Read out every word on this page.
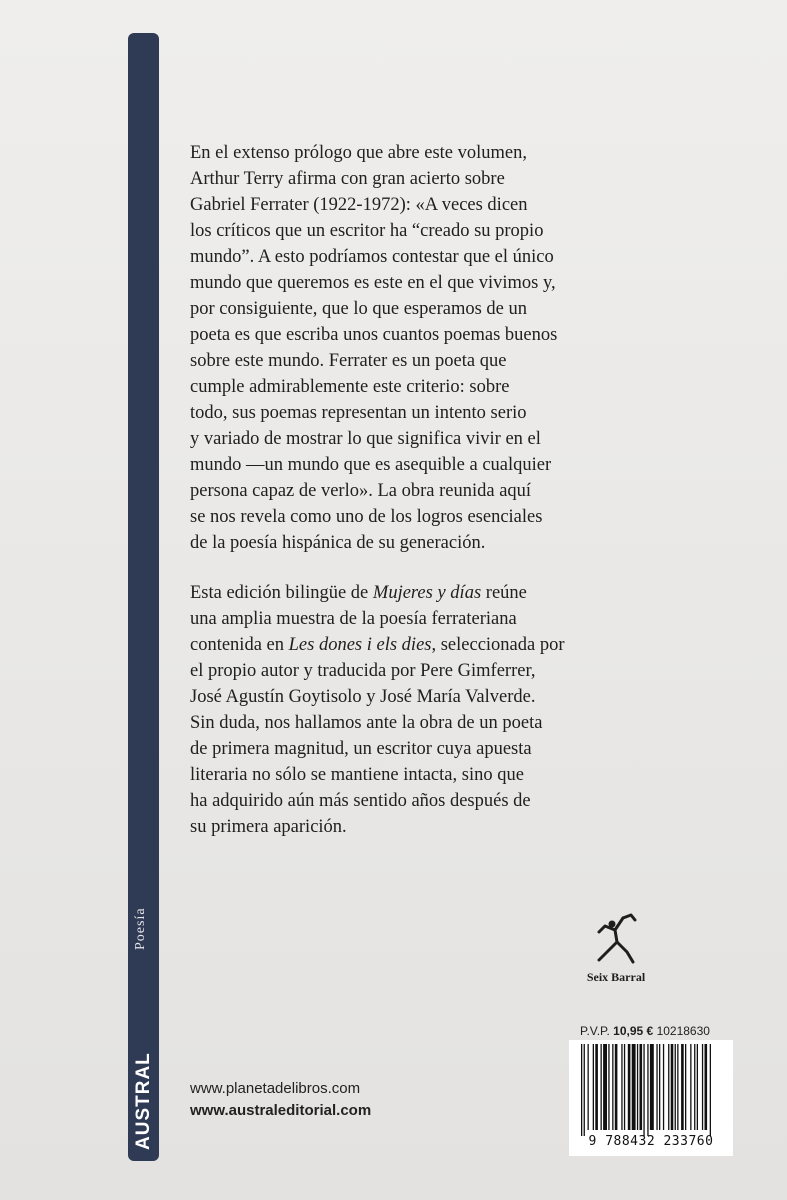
Poesía
AUSTRAL
En el extenso prólogo que abre este volumen,
Arthur Terry afirma con gran acierto sobre
Gabriel Ferrater (1922-1972): «A veces dicen
los críticos que un escritor ha “creado su propio
mundo”. A esto podríamos contestar que el único
mundo que queremos es este en el que vivimos y,
por consiguiente, que lo que esperamos de un
poeta es que escriba unos cuantos poemas buenos
sobre este mundo. Ferrater es un poeta que
cumple admirablemente este criterio: sobre
todo, sus poemas representan un intento serio
y variado de mostrar lo que significa vivir en el
mundo —un mundo que es asequible a cualquier
persona capaz de verlo». La obra reunida aquí
se nos revela como uno de los logros esenciales
de la poesía hispánica de su generación.
Esta edición bilingüe de Mujeres y días reúne
una amplia muestra de la poesía ferrateriana
contenida en Les dones i els dies, seleccionada por
el propio autor y traducida por Pere Gimferrer,
José Agustín Goytisolo y José María Valverde.
Sin duda, nos hallamos ante la obra de un poeta
de primera magnitud, un escritor cuya apuesta
literaria no sólo se mantiene intacta, sino que
ha adquirido aún más sentido años después de
su primera aparición.
Seix Barral
www.planetadelibros.com
www.australeditorial.com
P.V.P. 10,95 € 10218630
9 788432 233760
